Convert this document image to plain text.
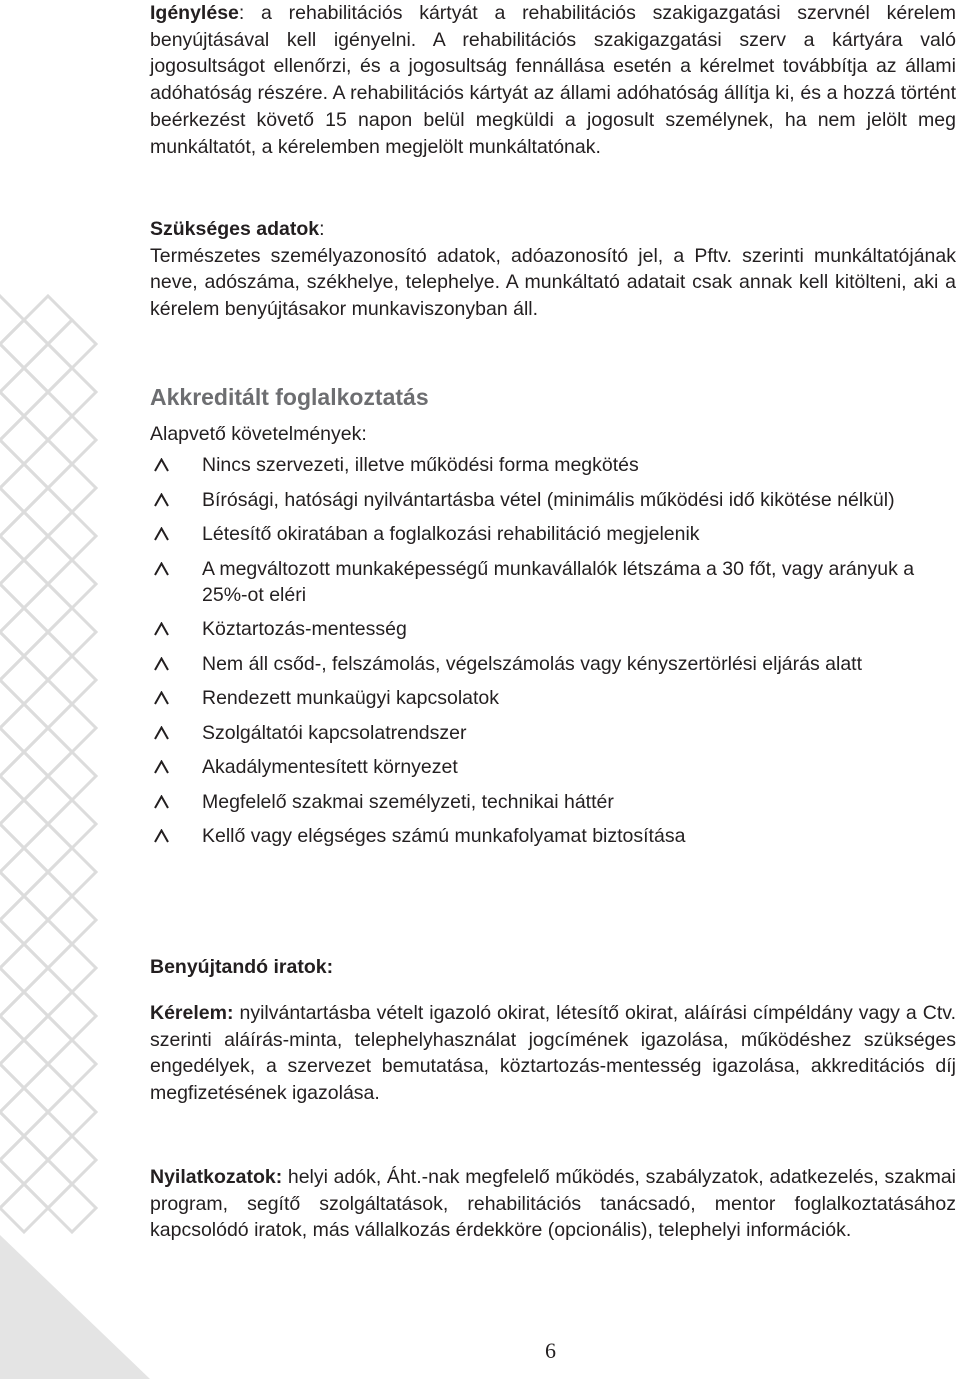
Igénylése: a rehabilitációs kártyát a rehabilitációs szakigazgatási szervnél kérelem benyújtásával kell igényelni. A rehabilitációs szakigazgatási szerv a kártyára való jogosultságot ellenőrzi, és a jogosultság fennállása esetén a kérelmet továbbítja az állami adóhatóság részére. A rehabilitációs kártyát az állami adóhatóság állítja ki, és a hozzá történt beérkezést követő 15 napon belül megküldi a jogosult személynek, ha nem jelölt meg munkáltatót, a kérelemben megjelölt munkáltatónak.

Szükséges adatok:

Természetes személyazonosító adatok, adóazonosító jel, a Pftv. szerinti munkáltatójának neve, adószáma, székhelye, telephelye. A munkáltató adatait csak annak kell kitölteni, aki a kérelem benyújtásakor munkaviszonyban áll.

Akkreditált foglalkoztatás
Alapvető követelmények:
Nincs szervezeti, illetve működési forma megkötés
Bírósági, hatósági nyilvántartásba vétel (minimális működési idő kikötése nélkül)
Létesítő okiratában a foglalkozási rehabilitáció megjelenik
A megváltozott munkaképességű munkavállalók létszáma a 30 főt, vagy arányuk a 25%-ot eléri
Köztartozás-mentesség
Nem áll csőd-, felszámolás, végelszámolás vagy kényszertörlési eljárás alatt
Rendezett munkaügyi kapcsolatok
Szolgáltatói kapcsolatrendszer
Akadálymentesített környezet
Megfelelő szakmai személyzeti, technikai háttér
Kellő vagy elégséges számú munkafolyamat biztosítása
Benyújtandó iratok:

Kérelem: nyilvántartásba vételt igazoló okirat, létesítő okirat, aláírási címpéldány vagy a Ctv. szerinti aláírás-minta, telephelyhasználat jogcímének igazolása, működéshez szükséges engedélyek, a szervezet bemutatása, köztartozás-mentesség igazolása, akkreditációs díj megfizetésének igazolása.

Nyilatkozatok: helyi adók, Áht.-nak megfelelő működés, szabályzatok, adatkezelés, szakmai program, segítő szolgáltatások, rehabilitációs tanácsadó, mentor foglalkoztatásához kapcsolódó iratok, más vállalkozás érdekköre (opcionális), telephelyi információk.

6
